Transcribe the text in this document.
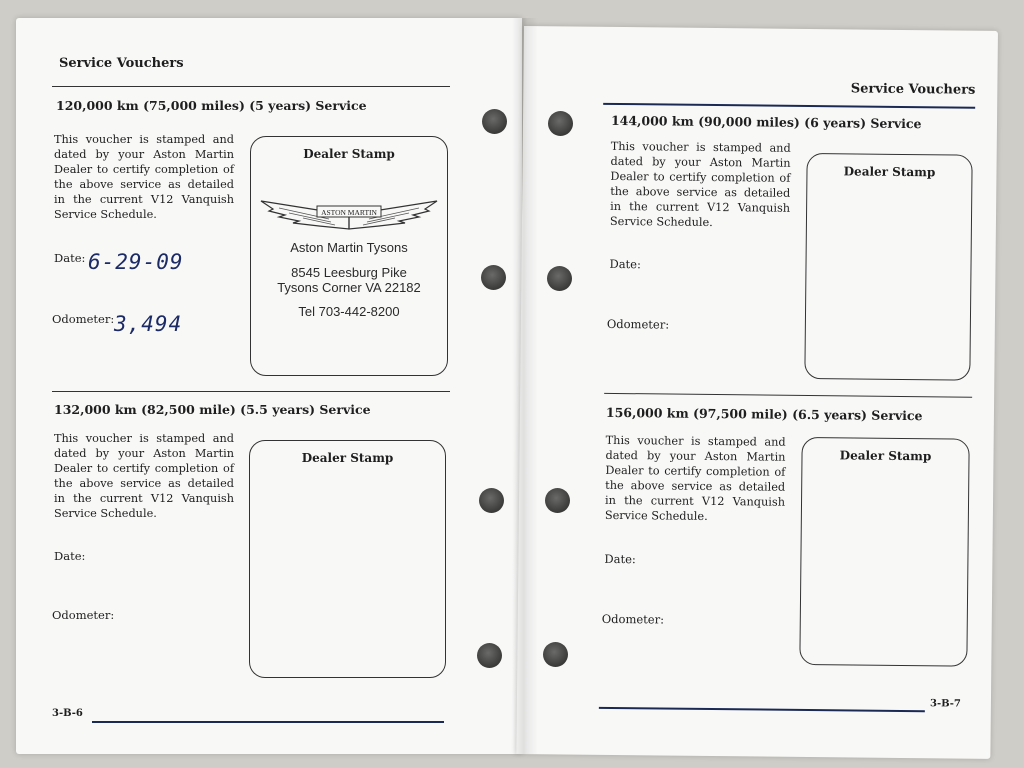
Service Vouchers
120,000 km (75,000 miles) (5 years) Service
This voucher is stamped and dated by your Aston Martin Dealer to certify completion of the above service as detailed in the current V12 Vanquish Service Schedule.
Date: 6-29-09
Odometer: 3,494
Dealer Stamp
ASTON MARTIN
Aston Martin Tysons
8545 Leesburg Pike
Tysons Corner VA 22182
Tel 703-442-8200
132,000 km (82,500 mile) (5.5 years) Service
This voucher is stamped and dated by your Aston Martin Dealer to certify completion of the above service as detailed in the current V12 Vanquish Service Schedule.
Date:
Odometer:
Dealer Stamp
3-B-6
Service Vouchers
144,000 km (90,000 miles) (6 years) Service
This voucher is stamped and dated by your Aston Martin Dealer to certify completion of the above service as detailed in the current V12 Vanquish Service Schedule.
Date:
Odometer:
Dealer Stamp
156,000 km (97,500 mile) (6.5 years) Service
This voucher is stamped and dated by your Aston Martin Dealer to certify completion of the above service as detailed in the current V12 Vanquish Service Schedule.
Date:
Odometer:
Dealer Stamp
3-B-7
